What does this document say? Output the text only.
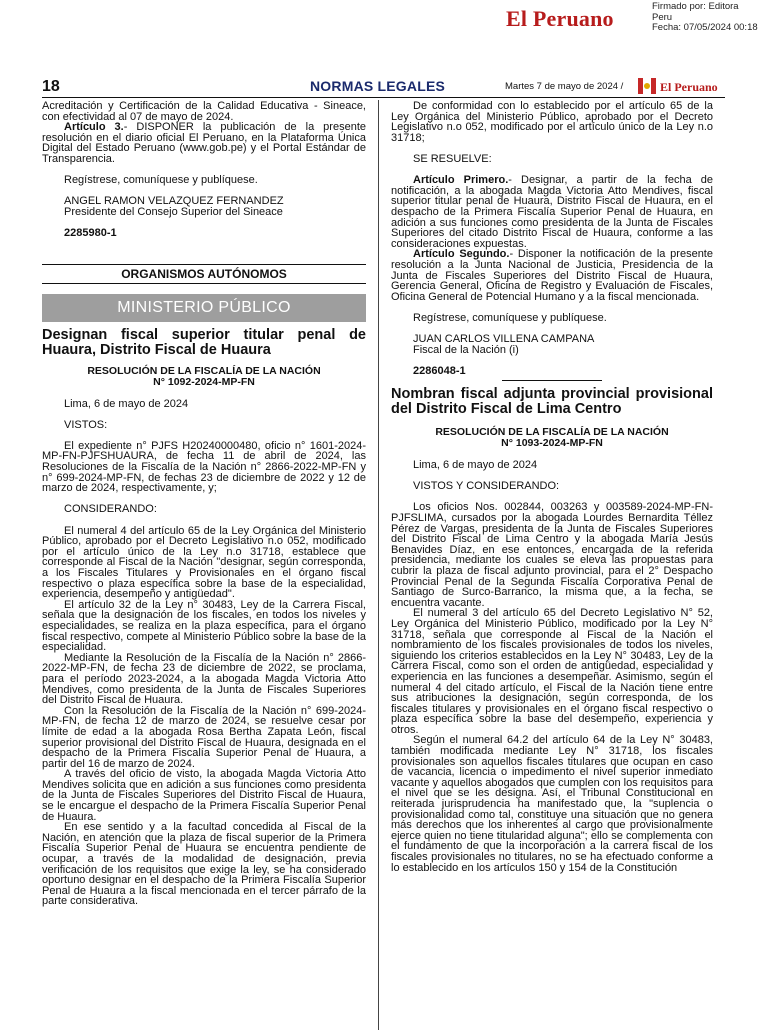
El Peruano	Firmado por: Editora
Peru
Fecha: 07/05/2024 00:18
18	NORMAS LEGALES	Martes 7 de mayo de 2024 /	El Peruano

Acreditación y Certificación de la Calidad Educativa - Sineace, con efectividad al 07 de mayo de 2024.

Artículo 3.- DISPONER la publicación de la presente resolución en el diario oficial El Peruano, en la Plataforma Única Digital del Estado Peruano (www.gob.pe) y el Portal Estándar de Transparencia.

Regístrese, comuníquese y publíquese.

ANGEL RAMON VELAZQUEZ FERNANDEZ

Presidente del Consejo Superior del Sineace

2285980-1

ORGANISMOS AUTÓNOMOS
MINISTERIO PÚBLICO
Designan fiscal superior titular penal de Huaura, Distrito Fiscal de Huaura
RESOLUCIÓN DE LA FISCALÍA DE LA NACIÓN
N° 1092-2024-MP-FN

Lima, 6 de mayo de 2024

VISTOS:

El expediente n° PJFS H20240000480, oficio n° 1601-2024-MP-FN-PJFSHUAURA, de fecha 11 de abril de 2024, las Resoluciones de la Fiscalía de la Nación n° 2866-2022-MP-FN y n° 699-2024-MP-FN, de fechas 23 de diciembre de 2022 y 12 de marzo de 2024, respectivamente, y;

CONSIDERANDO:

El numeral 4 del artículo 65 de la Ley Orgánica del Ministerio Público, aprobado por el Decreto Legislativo n.o 052, modificado por el artículo único de la Ley n.o 31718, establece que corresponde al Fiscal de la Nación "designar, según corresponda, a los Fiscales Titulares y Provisionales en el órgano fiscal respectivo o plaza específica sobre la base de la especialidad, experiencia, desempeño y antigüedad".

El artículo 32 de la Ley n° 30483, Ley de la Carrera Fiscal, señala que la designación de los fiscales, en todos los niveles y especialidades, se realiza en la plaza específica, para el órgano fiscal respectivo, compete al Ministerio Público sobre la base de la especialidad.

Mediante la Resolución de la Fiscalía de la Nación n° 2866-2022-MP-FN, de fecha 23 de diciembre de 2022, se proclama, para el período 2023-2024, a la abogada Magda Victoria Atto Mendives, como presidenta de la Junta de Fiscales Superiores del Distrito Fiscal de Huaura.

Con la Resolución de la Fiscalía de la Nación n° 699-2024-MP-FN, de fecha 12 de marzo de 2024, se resuelve cesar por límite de edad a la abogada Rosa Bertha Zapata León, fiscal superior provisional del Distrito Fiscal de Huaura, designada en el despacho de la Primera Fiscalía Superior Penal de Huaura, a partir del 16 de marzo de 2024.

A través del oficio de visto, la abogada Magda Victoria Atto Mendives solicita que en adición a sus funciones como presidenta de la Junta de Fiscales Superiores del Distrito Fiscal de Huaura, se le encargue el despacho de la Primera Fiscalía Superior Penal de Huaura.

En ese sentido y a la facultad concedida al Fiscal de la Nación, en atención que la plaza de fiscal superior de la Primera Fiscalía Superior Penal de Huaura se encuentra pendiente de ocupar, a través de la modalidad de designación, previa verificación de los requisitos que exige la ley, se ha considerado oportuno designar en el despacho de la Primera Fiscalía Superior Penal de Huaura a la fiscal mencionada en el tercer párrafo de la parte considerativa.

De conformidad con lo establecido por el artículo 65 de la Ley Orgánica del Ministerio Público, aprobado por el Decreto Legislativo n.o 052, modificado por el artículo único de la Ley n.o 31718;

SE RESUELVE:

Artículo Primero.- Designar, a partir de la fecha de notificación, a la abogada Magda Victoria Atto Mendives, fiscal superior titular penal de Huaura, Distrito Fiscal de Huaura, en el despacho de la Primera Fiscalía Superior Penal de Huaura, en adición a sus funciones como presidenta de la Junta de Fiscales Superiores del citado Distrito Fiscal de Huaura, conforme a las consideraciones expuestas.

Artículo Segundo.- Disponer la notificación de la presente resolución a la Junta Nacional de Justicia, Presidencia de la Junta de Fiscales Superiores del Distrito Fiscal de Huaura, Gerencia General, Oficina de Registro y Evaluación de Fiscales, Oficina General de Potencial Humano y a la fiscal mencionada.

Regístrese, comuníquese y publíquese.

JUAN CARLOS VILLENA CAMPANA

Fiscal de la Nación (i)

2286048-1

Nombran fiscal adjunta provincial provisional del Distrito Fiscal de Lima Centro
RESOLUCIÓN DE LA FISCALÍA DE LA NACIÓN
N° 1093-2024-MP-FN

Lima, 6 de mayo de 2024

VISTOS Y CONSIDERANDO:

Los oficios Nos. 002844, 003263 y 003589-2024-MP-FN-PJFSLIMA, cursados por la abogada Lourdes Bernardita Téllez Pérez de Vargas, presidenta de la Junta de Fiscales Superiores del Distrito Fiscal de Lima Centro y la abogada María Jesús Benavides Díaz, en ese entonces, encargada de la referida presidencia, mediante los cuales se eleva las propuestas para cubrir la plaza de fiscal adjunto provincial, para el 2° Despacho Provincial Penal de la Segunda Fiscalía Corporativa Penal de Santiago de Surco-Barranco, la misma que, a la fecha, se encuentra vacante.

El numeral 3 del artículo 65 del Decreto Legislativo N° 52, Ley Orgánica del Ministerio Público, modificado por la Ley N° 31718, señala que corresponde al Fiscal de la Nación el nombramiento de los fiscales provisionales de todos los niveles, siguiendo los criterios establecidos en la Ley N° 30483, Ley de la Carrera Fiscal, como son el orden de antigüedad, especialidad y experiencia en las funciones a desempeñar. Asimismo, según el numeral 4 del citado artículo, el Fiscal de la Nación tiene entre sus atribuciones la designación, según corresponda, de los fiscales titulares y provisionales en el órgano fiscal respectivo o plaza específica sobre la base del desempeño, experiencia y otros.

Según el numeral 64.2 del artículo 64 de la Ley N° 30483, también modificada mediante Ley N° 31718, los fiscales provisionales son aquellos fiscales titulares que ocupan en caso de vacancia, licencia o impedimento el nivel superior inmediato vacante y aquellos abogados que cumplen con los requisitos para el nivel que se les designa. Así, el Tribunal Constitucional en reiterada jurisprudencia ha manifestado que, la "suplencia o provisionalidad como tal, constituye una situación que no genera más derechos que los inherentes al cargo que provisionalmente ejerce quien no tiene titularidad alguna"; ello se complementa con el fundamento de que la incorporación a la carrera fiscal de los fiscales provisionales no titulares, no se ha efectuado conforme a lo establecido en los artículos 150 y 154 de la Constitución
